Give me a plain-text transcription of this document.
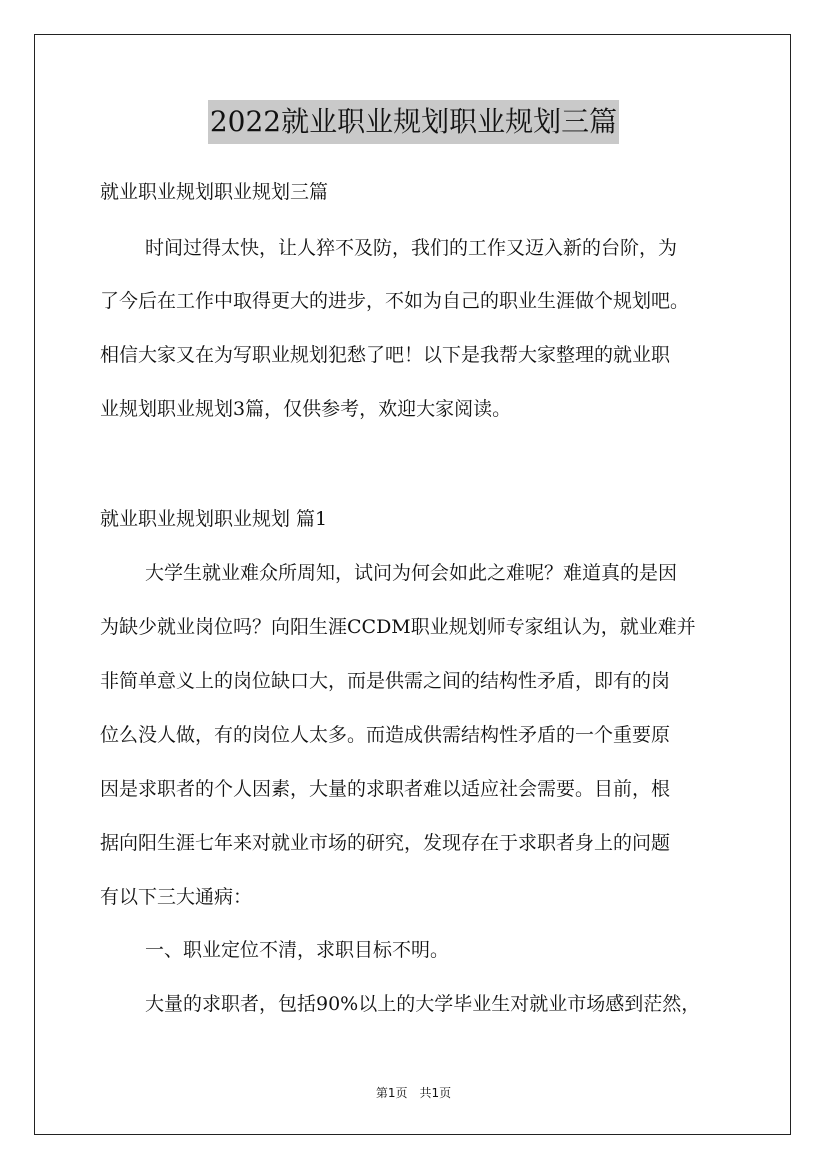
2022就业职业规划职业规划三篇
就业职业规划职业规划三篇
时间过得太快，让人猝不及防，我们的工作又迈入新的台阶，为
了今后在工作中取得更大的进步，不如为自己的职业生涯做个规划吧。
相信大家又在为写职业规划犯愁了吧！以下是我帮大家整理的就业职
业规划职业规划3篇，仅供参考，欢迎大家阅读。
就业职业规划职业规划 篇1
大学生就业难众所周知，试问为何会如此之难呢？难道真的是因
为缺少就业岗位吗？向阳生涯CCDM职业规划师专家组认为，就业难并
非简单意义上的岗位缺口大，而是供需之间的结构性矛盾，即有的岗
位么没人做，有的岗位人太多。而造成供需结构性矛盾的一个重要原
因是求职者的个人因素，大量的求职者难以适应社会需要。目前，根
据向阳生涯七年来对就业市场的研究，发现存在于求职者身上的问题
有以下三大通病：
一、职业定位不清，求职目标不明。
大量的求职者，包括90%以上的大学毕业生对就业市场感到茫然，
第1页　共1页
